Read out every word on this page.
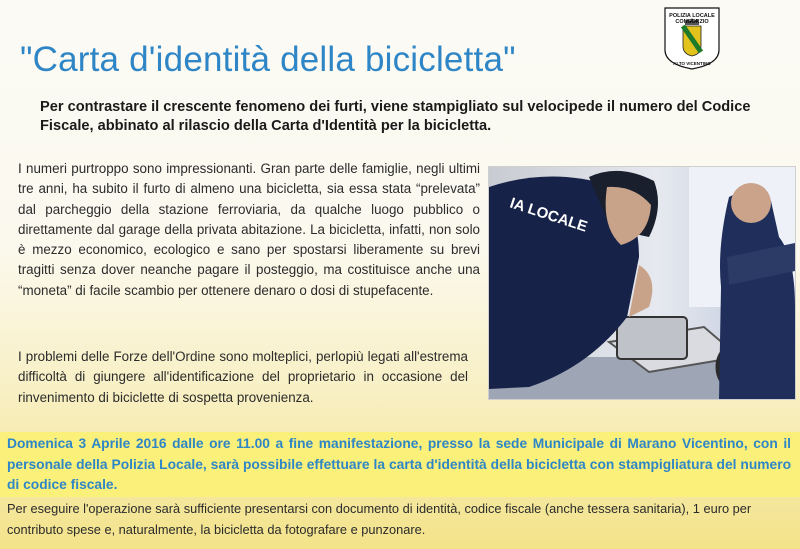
"Carta d'identità della bicicletta"
POLIZIA LOCALE
CONSORZIO
ALTO VICENTINO

Per contrastare il crescente fenomeno dei furti, viene stampigliato sul velocipede il numero del Codice Fiscale, abbinato al rilascio della Carta d'Identità per la bicicletta.

I numeri purtroppo sono impressionanti. Gran parte delle famiglie, negli ultimi tre anni, ha subito il furto di almeno una bicicletta, sia essa stata “prelevata” dal parcheggio della stazione ferroviaria, da qualche luogo pubblico o direttamente dal garage della privata abitazione. La bicicletta, infatti, non solo è mezzo economico, ecologico e sano per spostarsi liberamente su brevi tragitti senza dover neanche pagare il posteggio, ma costituisce anche una “moneta” di facile scambio per ottenere denaro o dosi di stupefacente.

IA LOCALE

I problemi delle Forze dell'Ordine sono molteplici, perlopiù legati all'estrema difficoltà di giungere all'identificazione del proprietario in occasione del rinvenimento di biciclette di sospetta provenienza.

Domenica 3 Aprile 2016 dalle ore 11.00 a fine manifestazione, presso la sede Municipale di Marano Vicentino, con il personale della Polizia Locale, sarà possibile effettuare la carta d'identità della bicicletta con stampigliatura del numero di codice fiscale.

Per eseguire l'operazione sarà sufficiente presentarsi con documento di identità, codice fiscale (anche tessera sanitaria), 1 euro per contributo spese e, naturalmente, la bicicletta da fotografare e punzonare.
